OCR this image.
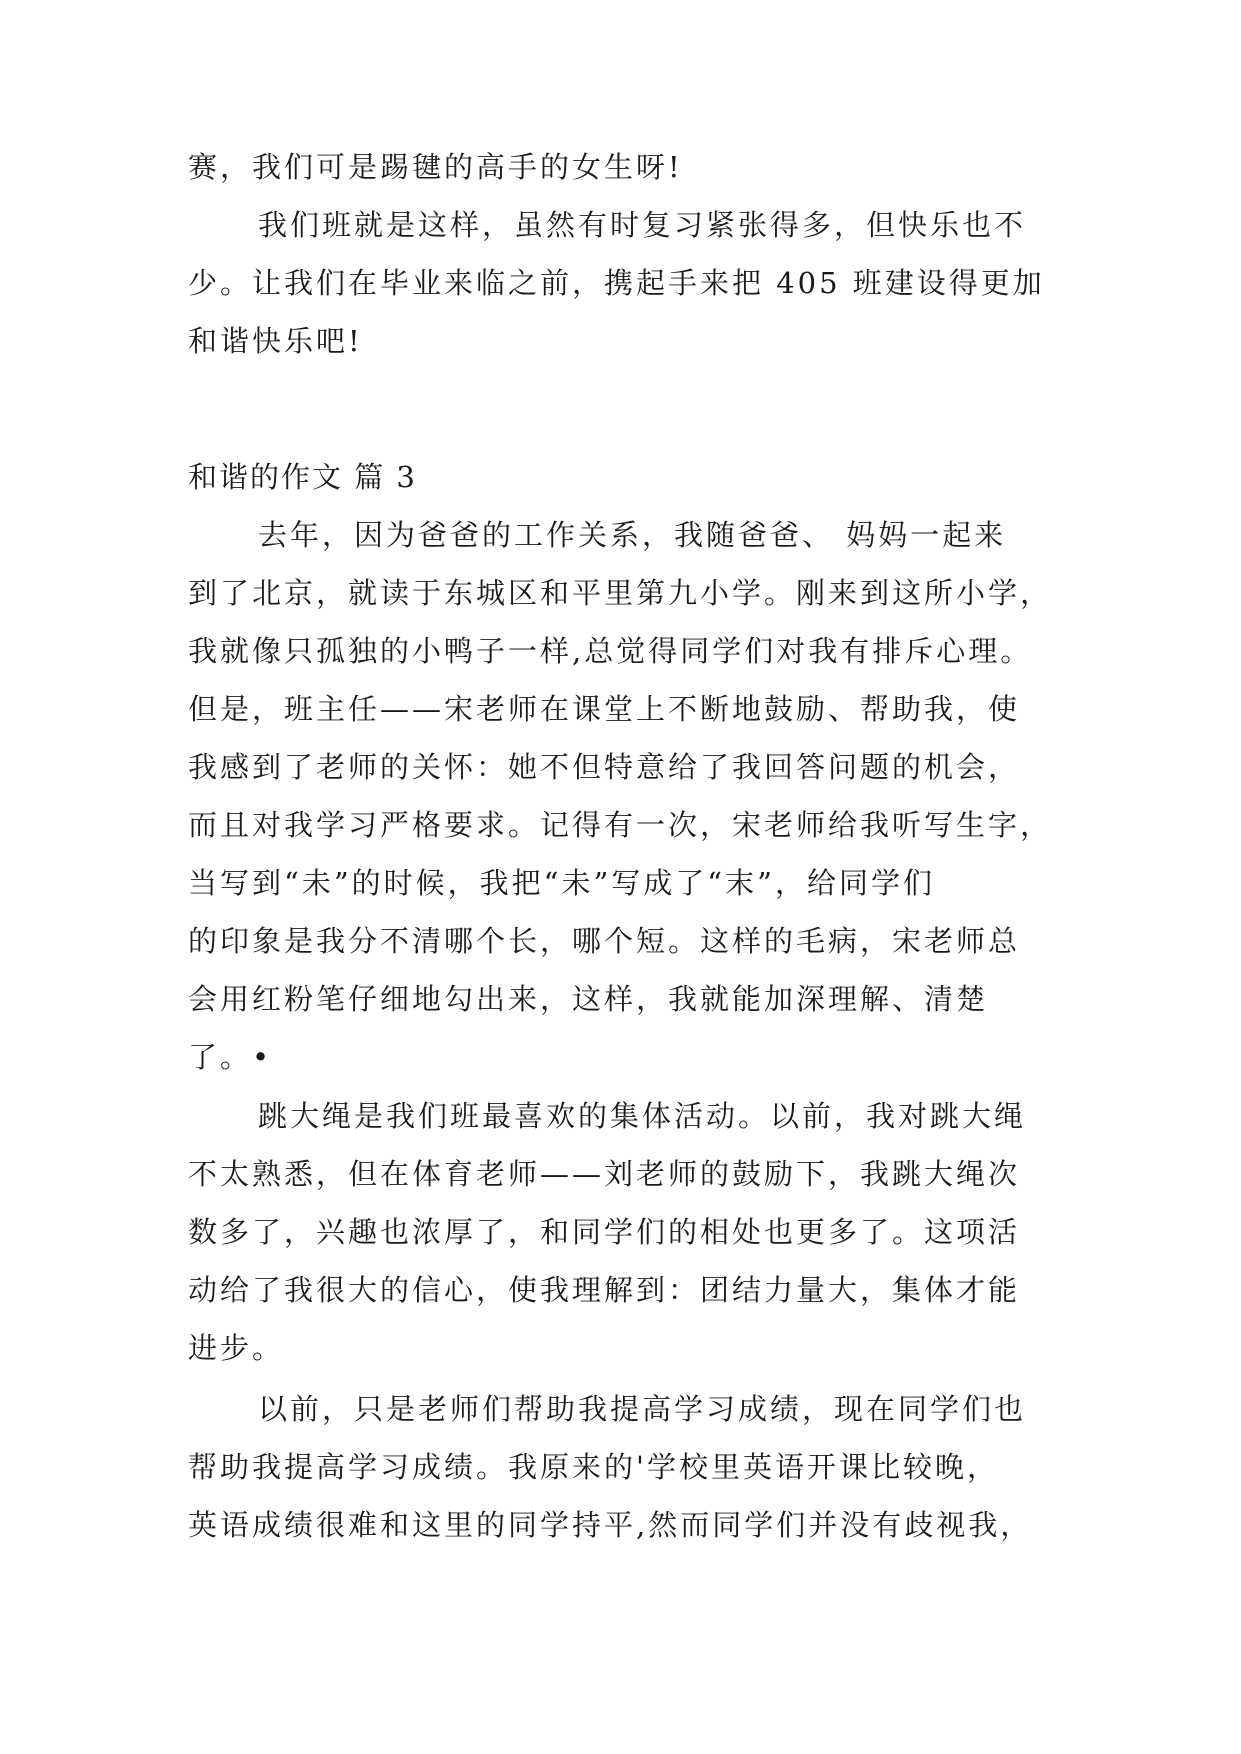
赛，我们可是踢毽的高手的女生呀!
我们班就是这样，虽然有时复习紧张得多，但快乐也不
少。让我们在毕业来临之前，携起手来把 405 班建设得更加
和谐快乐吧!
和谐的作文 篇 3
去年，因为爸爸的工作关系，我随爸爸、 妈妈一起来
到了北京，就读于东城区和平里第九小学。刚来到这所小学，
我就像只孤独的小鸭子一样,总觉得同学们对我有排斥心理。
但是，班主任——宋老师在课堂上不断地鼓励、帮助我，使
我感到了老师的关怀：她不但特意给了我回答问题的机会，
而且对我学习严格要求。记得有一次，宋老师给我听写生字，
当写到“未”的时候，我把“未”写成了“末”，给同学们
的印象是我分不清哪个长，哪个短。这样的毛病，宋老师总
会用红粉笔仔细地勾出来，这样，我就能加深理解、清楚
了。•
跳大绳是我们班最喜欢的集体活动。以前，我对跳大绳
不太熟悉，但在体育老师——刘老师的鼓励下，我跳大绳次
数多了，兴趣也浓厚了，和同学们的相处也更多了。这项活
动给了我很大的信心，使我理解到：团结力量大，集体才能
进步。
以前，只是老师们帮助我提高学习成绩，现在同学们也
帮助我提高学习成绩。我原来的'学校里英语开课比较晚，
英语成绩很难和这里的同学持平,然而同学们并没有歧视我，
